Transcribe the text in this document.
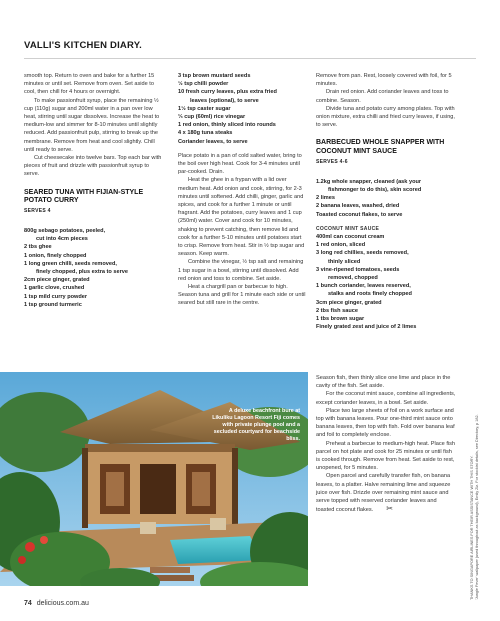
VALLI'S KITCHEN DIARY.

smooth top. Return to oven and bake for a further 15 minutes or until set. Remove from oven. Set aside to cool, then chill for 4 hours or overnight.

To make passionfruit syrup, place the remaining ½ cup (110g) sugar and 200ml water in a pan over low heat, stirring until sugar dissolves. Increase the heat to medium-low and simmer for 8-10 minutes until slightly reduced. Add passionfruit pulp, stirring to break up the membrane. Remove from heat and cool slightly. Chill until ready to serve.

Cut cheesecake into twelve bars. Top each bar with pieces of fruit and drizzle with passionfruit syrup to serve.

SEARED TUNA WITH FIJIAN-STYLE POTATO CURRY
SERVES 4
800g sebago potatoes, peeled,
cut into 4cm pieces
2 tbs ghee
1 onion, finely chopped
1 long green chilli, seeds removed,
finely chopped, plus extra to serve
2cm piece ginger, grated
1 garlic clove, crushed
1 tsp mild curry powder
1 tsp ground turmeric
3 tsp brown mustard seeds
½ tsp chilli powder
10 fresh curry leaves, plus extra fried
leaves (optional), to serve
1½ tsp caster sugar
⅓ cup (60ml) rice vinegar
1 red onion, thinly sliced into rounds
4 x 180g tuna steaks
Coriander leaves, to serve

Place potato in a pan of cold salted water, bring to the boil over high heat. Cook for 3-4 minutes until par-cooked. Drain.

Heat the ghee in a frypan with a lid over medium heat. Add onion and cook, stirring, for 2-3 minutes until softened. Add chilli, ginger, garlic and spices, and cook for a further 1 minute or until fragrant. Add the potatoes, curry leaves and 1 cup (250ml) water. Cover and cook for 10 minutes, shaking to prevent catching, then remove lid and cook for a further 5-10 minutes until potatoes start to crisp. Remove from heat. Stir in ½ tsp sugar and season. Keep warm.

Combine the vinegar, ½ tsp salt and remaining 1 tsp sugar in a bowl, stirring until dissolved. Add red onion and toss to combine. Set aside.

Heat a chargrill pan or barbecue to high. Season tuna and grill for 1 minute each side or until seared but still rare in the centre.

Remove from pan. Rest, loosely covered with foil, for 5 minutes.

Drain red onion. Add coriander leaves and toss to combine. Season.

Divide tuna and potato curry among plates. Top with onion mixture, extra chilli and fried curry leaves, if using, to serve.

BARBECUED WHOLE SNAPPER WITH COCONUT MINT SAUCE
SERVES 4-6
1.2kg whole snapper, cleaned (ask your
fishmonger to do this), skin scored
2 limes
2 banana leaves, washed, dried
Toasted coconut flakes, to serve
COCONUT MINT SAUCE
400ml can coconut cream
1 red onion, sliced
3 long red chillies, seeds removed,
thinly sliced
3 vine-ripened tomatoes, seeds
removed, chopped
1 bunch coriander, leaves reserved,
stalks and roots finely chopped
3cm piece ginger, grated
2 tbs fish sauce
1 tbs brown sugar
Finely grated zest and juice of 2 limes

Season fish, then thinly slice one lime and place in the cavity of the fish. Set aside.

For the coconut mint sauce, combine all ingredients, except coriander leaves, in a bowl. Set aside.

Place two large sheets of foil on a work surface and top with banana leaves. Pour one-third mint sauce onto banana leaves, then top with fish. Fold over banana leaf and foil to completely enclose.

Preheat a barbecue to medium-high heat. Place fish parcel on hot plate and cook for 25 minutes or until fish is cooked through. Remove from heat. Set aside to rest, unopened, for 5 minutes.

Open parcel and carefully transfer fish, on banana leaves, to a platter. Halve remaining lime and squeeze juice over fish. Drizzle over remaining mint sauce and serve topped with reserved coriander leaves and toasted coconut flakes. ✂

A deluxe beachfront bure at Likuliku Lagoon Resort Fiji comes with private plunge pool and a secluded courtyard for beachside bliss.
THANKS TO SINGAPORE AIRLINES FOR THEIR ASSISTANCE WITH THIS STORY. 'Jungle Fever' wallpaper (used throughout as background), Emily Ziz. For stockist details, see Directory, p 182.
74 delicious.com.au
